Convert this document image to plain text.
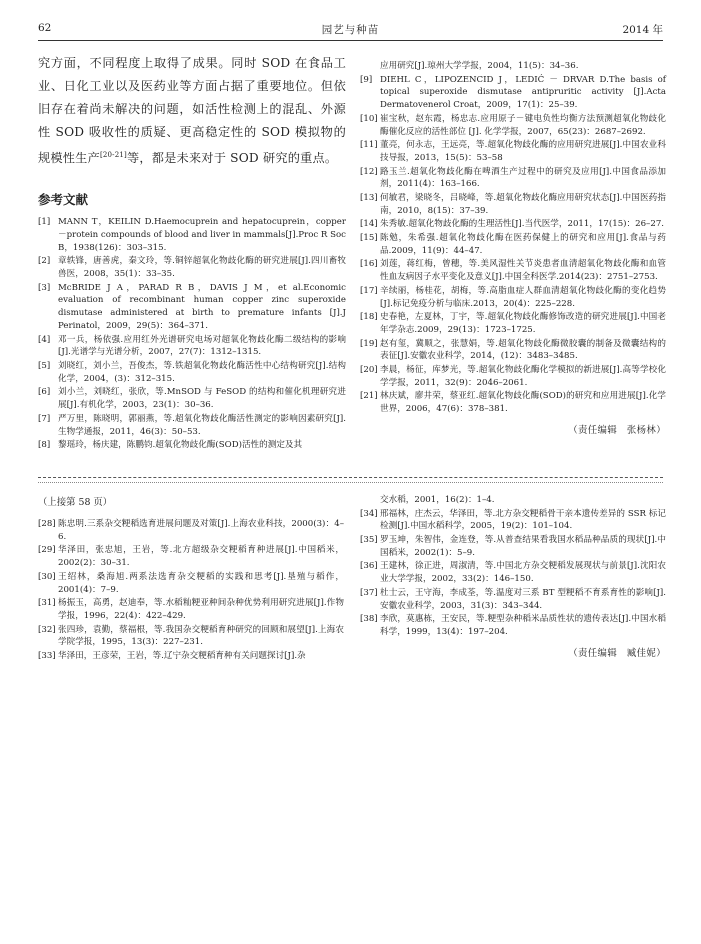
62	园艺与种苗	2014 年

究方面，不同程度上取得了成果。同时 SOD 在食品工业、日化工业以及医药业等方面占据了重要地位。但依旧存在着尚未解决的问题，如活性检测上的混乱、外源性 SOD 吸收性的质疑、更高稳定性的 SOD 模拟物的规模性生产[20-21]等，都是未来对于 SOD 研究的重点。

参考文献
[1] MANN T，KEILIN D.Haemocuprein and hepatocuprein，copper－protein compounds of blood and liver in mammals[J].Proc R Soc B，1938(126)：303–315.
[2] 章轶锋，唐善虎，秦文玲，等.铜锌超氧化物歧化酶的研究进展[J].四川畜牧兽医，2008，35(1)：33–35.
[3] McBRIDE J A，PARAD R B，DAVIS J M，et al.Economic evaluation of recombinant human copper zinc superoxide dismutase administered at birth to premature infants [J].J Perinatol，2009，29(5)：364–371.
[4] 邓一兵，杨依强.应用红外光谱研究电场对超氧化物歧化酶二级结构的影响[J].光谱学与光谱分析，2007，27(7)：1312–1315.
[5] 刘晓红，刘小兰，吾俊杰，等.铁超氧化物歧化酶活性中心结构研究[J].结构化学，2004，(3)：312–315.
[6] 刘小兰，刘晓红，张欣，等.MnSOD 与 FeSOD 的结构和催化机理研究进展[J].有机化学，2003，23(1)：30–36.
[7] 严万里，陈晓明，郭丽燕，等.超氧化物歧化酶活性测定的影响因素研究[J].生物学通报，2011，46(3)：50–53.
[8] 黎瑶玲，杨庆建，陈鹏钧.超氧化物歧化酶(SOD)活性的测定及其
应用研究[J].琼州大学学报，2004，11(5)：34–36.
[9] DIEHL C，LIPOZENCID J，LEDIĆ － DRVAR D.The basis of topical superoxide dismutase antipruritic activity [J].Acta Dermatovenerol Croat，2009，17(1)：25–39.
[10] 崔宝秋，赵东霞，杨忠志.应用原子－键电负性均衡方法预测超氧化物歧化酶催化反应的活性部位 [J]. 化学学报，2007，65(23)：2687–2692.
[11] 董亮，何永志，王远亮，等.超氧化物歧化酶的应用研究进展[J].中国农业科技导报，2013，15(5)：53–58
[12] 路玉兰.超氧化物歧化酶在啤酒生产过程中的研究及应用[J].中国食品添加剂，2011(4)：163–166.
[13] 何敏君，梁晓冬，吕晓峰，等.超氧化物歧化酶应用研究状态[J].中国医药指南，2010，8(15)：37–39.
[14] 朱秀敏.超氧化物歧化酶的生理活性[J].当代医学，2011，17(15)：26–27.
[15] 陈勉，朱希强.超氧化物歧化酶在医药保健上的研究和应用[J].食品与药品.2009，11(9)：44–47.
[16] 刘莲，蒋红梅，曾穗，等.美风湿性关节炎患者血清超氧化物歧化酶和血管性血友病因子水平变化及意义[J].中国全科医学.2014(23)：2751–2753.
[17] 辛续丽，杨桂花，胡梅，等.高脂血症人群血清超氧化物歧化酶的变化趋势[J].标记免疫分析与临床.2013，20(4)：225–228.
[18] 史春艳，左夏林，丁宇，等.超氧化物歧化酶修饰改造的研究进展[J].中国老年学杂志.2009，29(13)：1723–1725.
[19] 赵有玺，冀顺之，张慧娟，等.超氧化物歧化酶微胶囊的制备及微囊结构的表征[J].安徽农业科学，2014，(12)：3483–3485.
[20] 李晨，杨征，库梦光，等.超氧化物歧化酶化学模拟的新进展[J].高等学校化学学报，2011，32(9)：2046–2061.
[21] 林庆斌，廖井荣，蔡亚红.超氧化物歧化酶(SOD)的研究和应用进展[J].化学世界，2006，47(6)：378–381.
（责任编辑　张杨林）
（上接第 58 页）
[28] 陈忠明.三系杂交粳稻选育进展问题及对策[J].上海农业科技，2000(3)：4–6.
[29] 华泽田，张忠旭，王岩，等.北方超级杂交粳稻育种进展[J].中国稻米，2002(2)：30–31.
[30] 王绍林，桑海旭.两系法选育杂交粳稻的实践和思考[J].垦殖与稻作，2001(4)：7–9.
[31] 杨振玉，高勇，赵迪奉，等.水稻籼粳亚种间杂种优势利用研究进展[J].作物学报，1996，22(4)：422–429.
[32] 张四珍，袁勤，蔡福根，等.我国杂交粳稻育种研究的回顾和展望[J].上海农学院学报，1995，13(3)：227–231.
[33] 华泽田，王彦荣，王岩，等.辽宁杂交粳稻育种有关问题探讨[J].杂
交水稻，2001，16(2)：1–4.
[34] 邢福林，庄杰云，华泽田，等.北方杂交粳稻骨干亲本遗传差异的 SSR 标记检测[J].中国水稻科学，2005，19(2)：101–104.
[35] 罗玉坤，朱智伟，金连登，等.从普查结果看我国水稻品种品质的现状[J].中国稻米，2002(1)：5–9.
[36] 王建林，徐正进，周淑清，等.中国北方杂交粳稻发展现状与前景[J].沈阳农业大学学报，2002，33(2)：146–150.
[37] 杜士云，王守海，李成荃，等.温度对三系 BT 型粳稻不育系育性的影响[J].安徽农业科学，2003，31(3)：343–344.
[38] 李欣，莫惠栋，王安民，等.粳型杂种稻米品质性状的遗传表达[J].中国水稻科学，1999，13(4)：197–204.
（责任编辑　臧佳妮）
